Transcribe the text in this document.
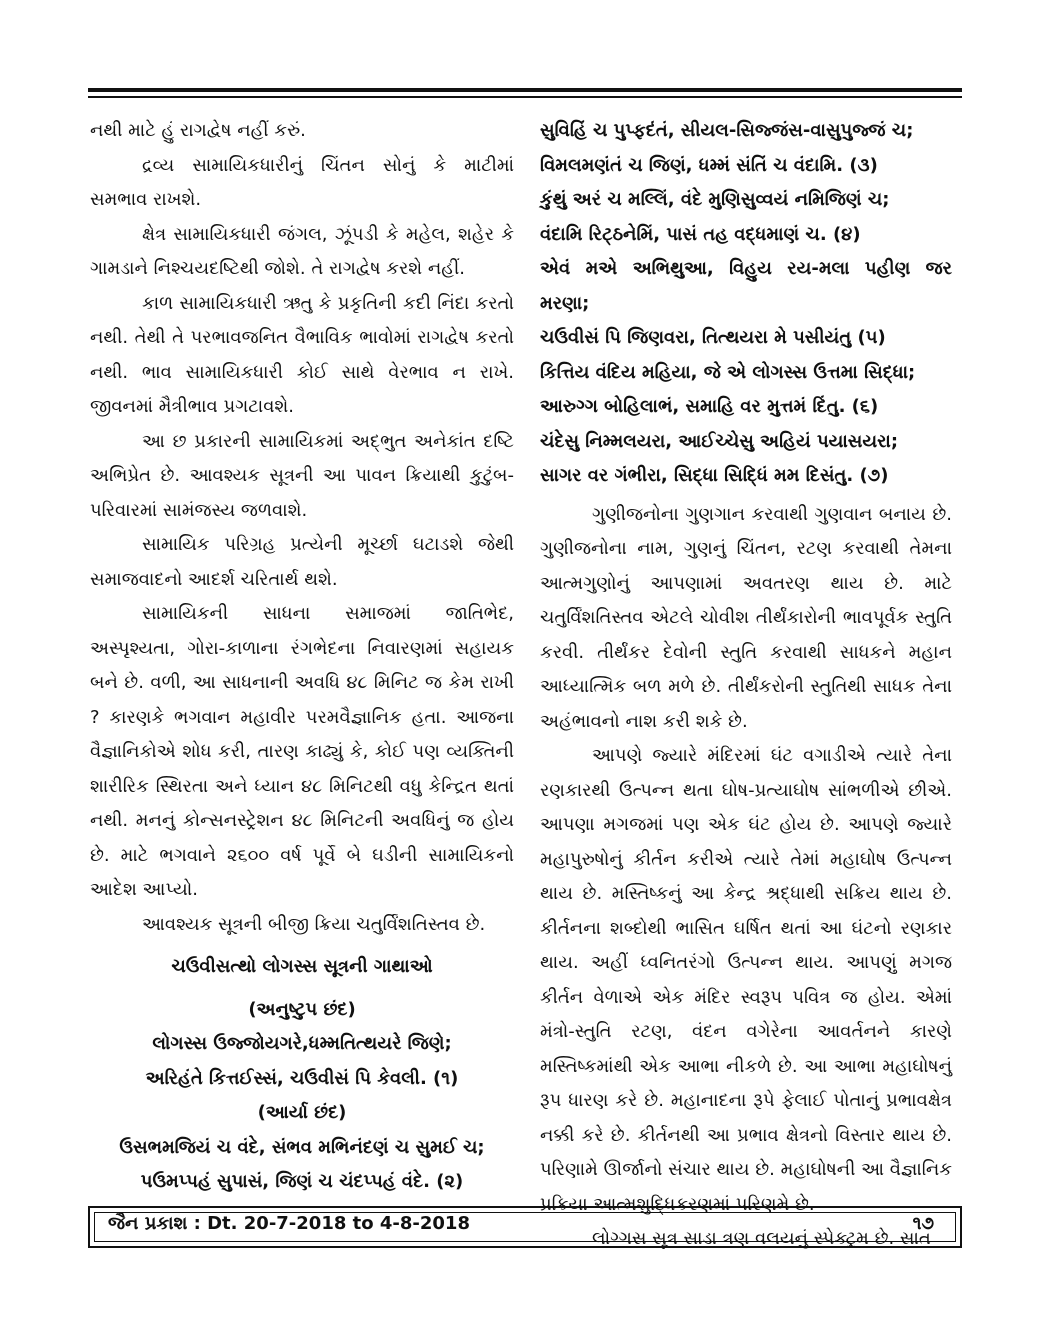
નથી માટે હું રાગદ્વેષ નહીં કરું.

દ્રવ્ય સામાયિકધારીનું ચિંતન સોનું કે માટીમાં સમભાવ રાખશે.

ક્ષેત્ર સામાયિકધારી જંગલ, ઝૂંપડી કે મહેલ, શહેર કે ગામડાને નિશ્ચયદષ્ટિથી જોશે. તે રાગદ્વેષ કરશે નહીં.

કાળ સામાયિકધારી ઋતુ કે પ્રકૃતિની કદી નિંદા કરતો નથી. તેથી તે પરભાવજનિત વૈભાવિક ભાવોમાં રાગદ્વેષ કરતો નથી. ભાવ સામાયિકધારી કોઈ સાથે વેરભાવ ન રાખે. જીવનમાં મૈત્રીભાવ પ્રગટાવશે.

આ છ પ્રકારની સામાયિકમાં અદ્‌ભુત અનેકાંત દષ્ટિ અભિપ્રેત છે. આવશ્યક સૂત્રની આ પાવન ક્રિયાથી કુટુંબ-પરિવારમાં સામંજસ્ય જળવાશે.

સામાયિક પરિગ્રહ પ્રત્યેની મૂર્ચ્છા ઘટાડશે જેથી સમાજવાદનો આદર્શ ચરિતાર્થ થશે.

સામાયિકની સાધના સમાજમાં જાતિભેદ, અસ્પૃશ્યતા, ગોરા-કાળાના રંગભેદના નિવારણમાં સહાયક બને છે. વળી, આ સાધનાની અવધિ ૪૮ મિનિટ જ કેમ રાખી ? કારણકે ભગવાન મહાવીર પરમવૈજ્ઞાનિક હતા. આજના વૈજ્ઞાનિકોએ શોધ કરી, તારણ કાઢ્યું કે, કોઈ પણ વ્યક્તિની શારીરિક સ્થિરતા અને ધ્યાન ૪૮ મિનિટથી વધુ કેન્દ્રિત થતાં નથી. મનનું કોન્સનસ્ટ્રેશન ૪૮ મિનિટની અવધિનું જ હોય છે. માટે ભગવાને ૨૬૦૦ વર્ષ પૂર્વે બે ઘડીની સામાયિકનો આદેશ આપ્યો.

આવશ્યક સૂત્રની બીજી ક્રિયા ચતુર્વિંશતિસ્તવ છે.

ચઉવીસત્થો લોગસ્સ સૂત્રની ગાથાઓ

(અનુષ્ટુપ છંદ)

લોગસ્સ ઉજ્જોયગરે,ધમ્મતિત્થયરે જિણે;

અરિહંતે કિત્તઈસ્સં, ચઉવીસં પિ કેવલી. (૧)

(આર્યા છંદ)

ઉસભમજિયં ચ વંદે, સંભવ મભિનંદણં ચ સુમઈ ચ;

પઉમપ્પહં સુપાસં, જિણં ચ ચંદપ્પહં વંદે. (૨)

સુવિહિં ચ પુપ્ફદંતં, સીયલ-સિજ્જંસ-વાસુપુજ્જં ચ;

વિમલમણંતં ચ જિણં, ધમ્મં સંતિં ચ વંદામિ. (૩)

કુંથું અરં ચ મલ્લિં, વંદે મુણિસુવ્વયં નમિજિણં ચ;

વંદામિ રિટ્ઠનેમિં, પાસં તહ વદ્ધમાણં ચ. (૪)

એવં મએ અભિથુઆ, વિહુય રય-મલા પહીણ જર મરણા;

ચઉવીસં પિ જિણવરા, તિત્થયરા મે પસીયંતુ (૫)

કિત્તિય વંદિય મહિયા, જે એ લોગસ્સ ઉત્તમા સિદ્ધા;

આરુગ્ગ બોહિલાભં, સમાહિ વર મુત્તમં દિંતુ. (૬)

ચંદેસુ નિમ્મલયરા, આઈચ્ચેસુ અહિયં પયાસયરા;

સાગર વર ગંભીરા, સિદ્ધા સિદ્ધિં મમ દિસંતુ. (૭)

ગુણીજનોના ગુણગાન કરવાથી ગુણવાન બનાય છે. ગુણીજનોના નામ, ગુણનું ચિંતન, રટણ કરવાથી તેમના આત્મગુણોનું આપણામાં અવતરણ થાય છે. માટે ચતુર્વિંશતિસ્તવ એટલે ચોવીશ તીર્થંકારોની ભાવપૂર્વક સ્તુતિ કરવી. તીર્થંકર દેવોની સ્તુતિ કરવાથી સાધકને મહાન આધ્યાત્મિક બળ મળે છે. તીર્થંકરોની સ્તુતિથી સાધક તેના અહંભાવનો નાશ કરી શકે છે.

આપણે જ્યારે મંદિરમાં ઘંટ વગાડીએ ત્યારે તેના રણકારથી ઉત્પન્ન થતા ઘોષ-પ્રત્યાઘોષ સાંભળીએ છીએ. આપણા મગજમાં પણ એક ઘંટ હોય છે. આપણે જ્યારે મહાપુરુષોનું કીર્તન કરીએ ત્યારે તેમાં મહાઘોષ ઉત્પન્ન થાય છે. મસ્તિષ્કનું આ કેન્દ્ર શ્રદ્ધાથી સક્રિય થાય છે. કીર્તનના શબ્દોથી ભાસિત ઘર્ષિત થતાં આ ઘંટનો રણકાર થાય. અહીં ધ્વનિતરંગો ઉત્પન્ન થાય. આપણું મગજ કીર્તન વેળાએ એક મંદિર સ્વરૂપ પવિત્ર જ હોય. એમાં મંત્રો-સ્તુતિ રટણ, વંદન વગેરેના આવર્તનને કારણે મસ્તિષ્કમાંથી એક આભા નીકળે છે. આ આભા મહાઘોષનું રૂપ ધારણ કરે છે. મહાનાદના રૂપે ફેલાઈ પોતાનું પ્રભાવક્ષેત્ર નક્કી કરે છે. કીર્તનથી આ પ્રભાવ ક્ષેત્રનો વિસ્તાર થાય છે. પરિણામે ઊર્જાનો સંચાર થાય છે. મહાઘોષની આ વૈજ્ઞાનિક પ્રક્રિયા આત્મશુદ્ધિકરણમાં પરિણમે છે.

લોગ્ગસ સૂત્ર સાડા ત્રણ વલયનું સ્પેક્ટ્રમ છે. સાત

જૈન પ્રકાશ : Dt. 20-7-2018 to 4-8-2018	૧૭
